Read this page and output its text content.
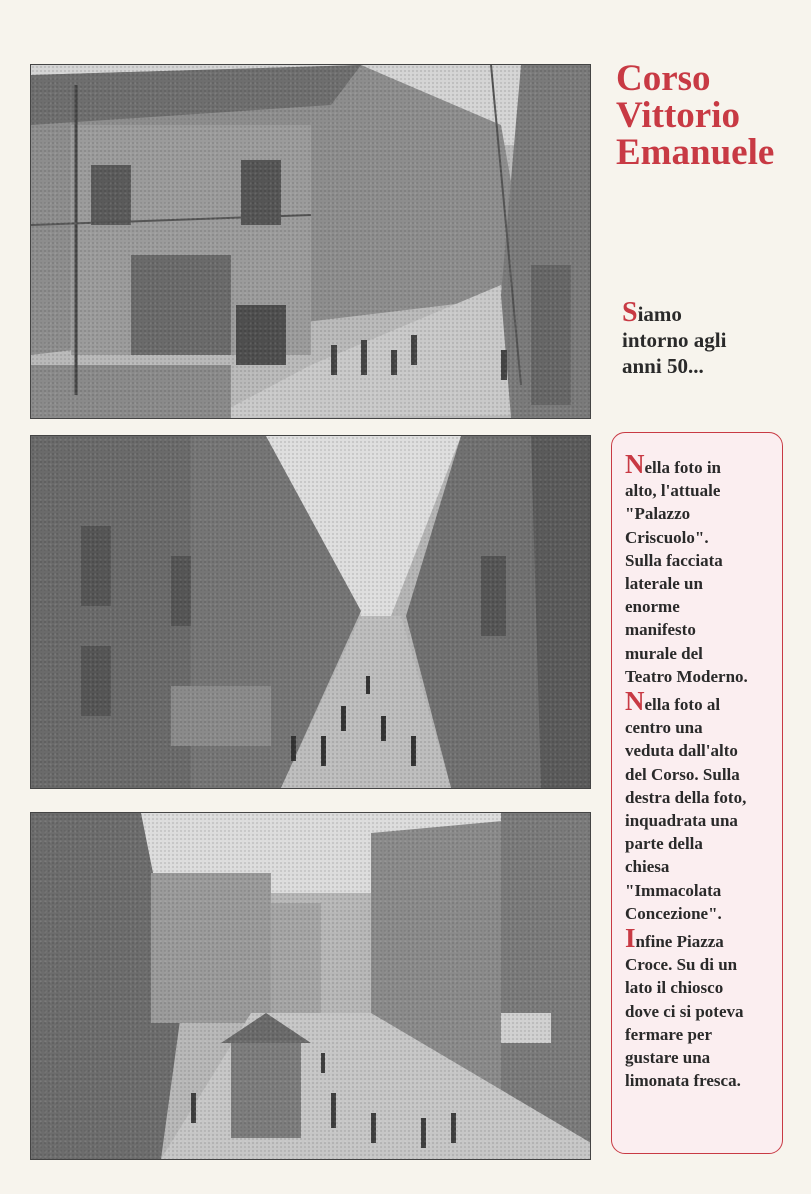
Corso
Vittorio
Emanuele
Siamo
intorno agli
anni 50...

Nella foto in
alto, l'attuale
"Palazzo
Criscuolo".
Sulla facciata
laterale un
enorme
manifesto
murale del
Teatro Moderno.

Nella foto al
centro una
veduta dall'alto
del Corso. Sulla
destra della foto,
inquadrata una
parte della
chiesa
"Immacolata
Concezione".

Infine Piazza
Croce. Su di un
lato il chiosco
dove ci si poteva
fermare per
gustare una
limonata fresca.
